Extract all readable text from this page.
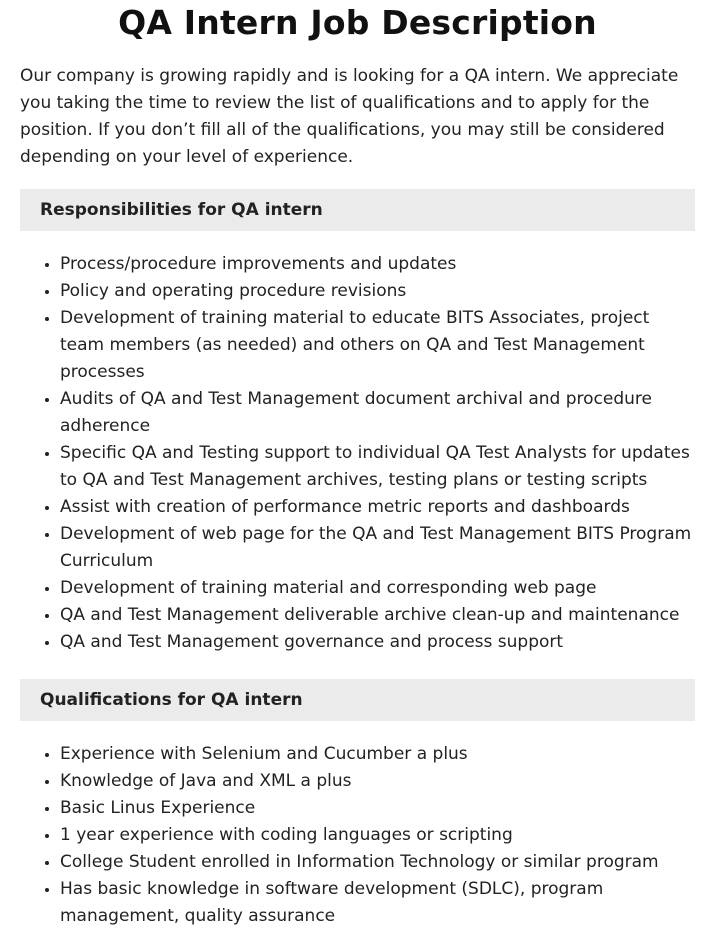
QA Intern Job Description

Our company is growing rapidly and is looking for a QA intern. We appreciate you taking the time to review the list of qualifications and to apply for the position. If you don’t fill all of the qualifications, you may still be considered depending on your level of experience.

Responsibilities for QA intern
• Process/procedure improvements and updates
• Policy and operating procedure revisions
• Development of training material to educate BITS Associates, project team members (as needed) and others on QA and Test Management processes
• Audits of QA and Test Management document archival and procedure adherence
• Specific QA and Testing support to individual QA Test Analysts for updates to QA and Test Management archives, testing plans or testing scripts
• Assist with creation of performance metric reports and dashboards
• Development of web page for the QA and Test Management BITS Program Curriculum
• Development of training material and corresponding web page
• QA and Test Management deliverable archive clean-up and maintenance
• QA and Test Management governance and process support
Qualifications for QA intern
• Experience with Selenium and Cucumber a plus
• Knowledge of Java and XML a plus
• Basic Linus Experience
• 1 year experience with coding languages or scripting
• College Student enrolled in Information Technology or similar program
• Has basic knowledge in software development (SDLC), program management, quality assurance
